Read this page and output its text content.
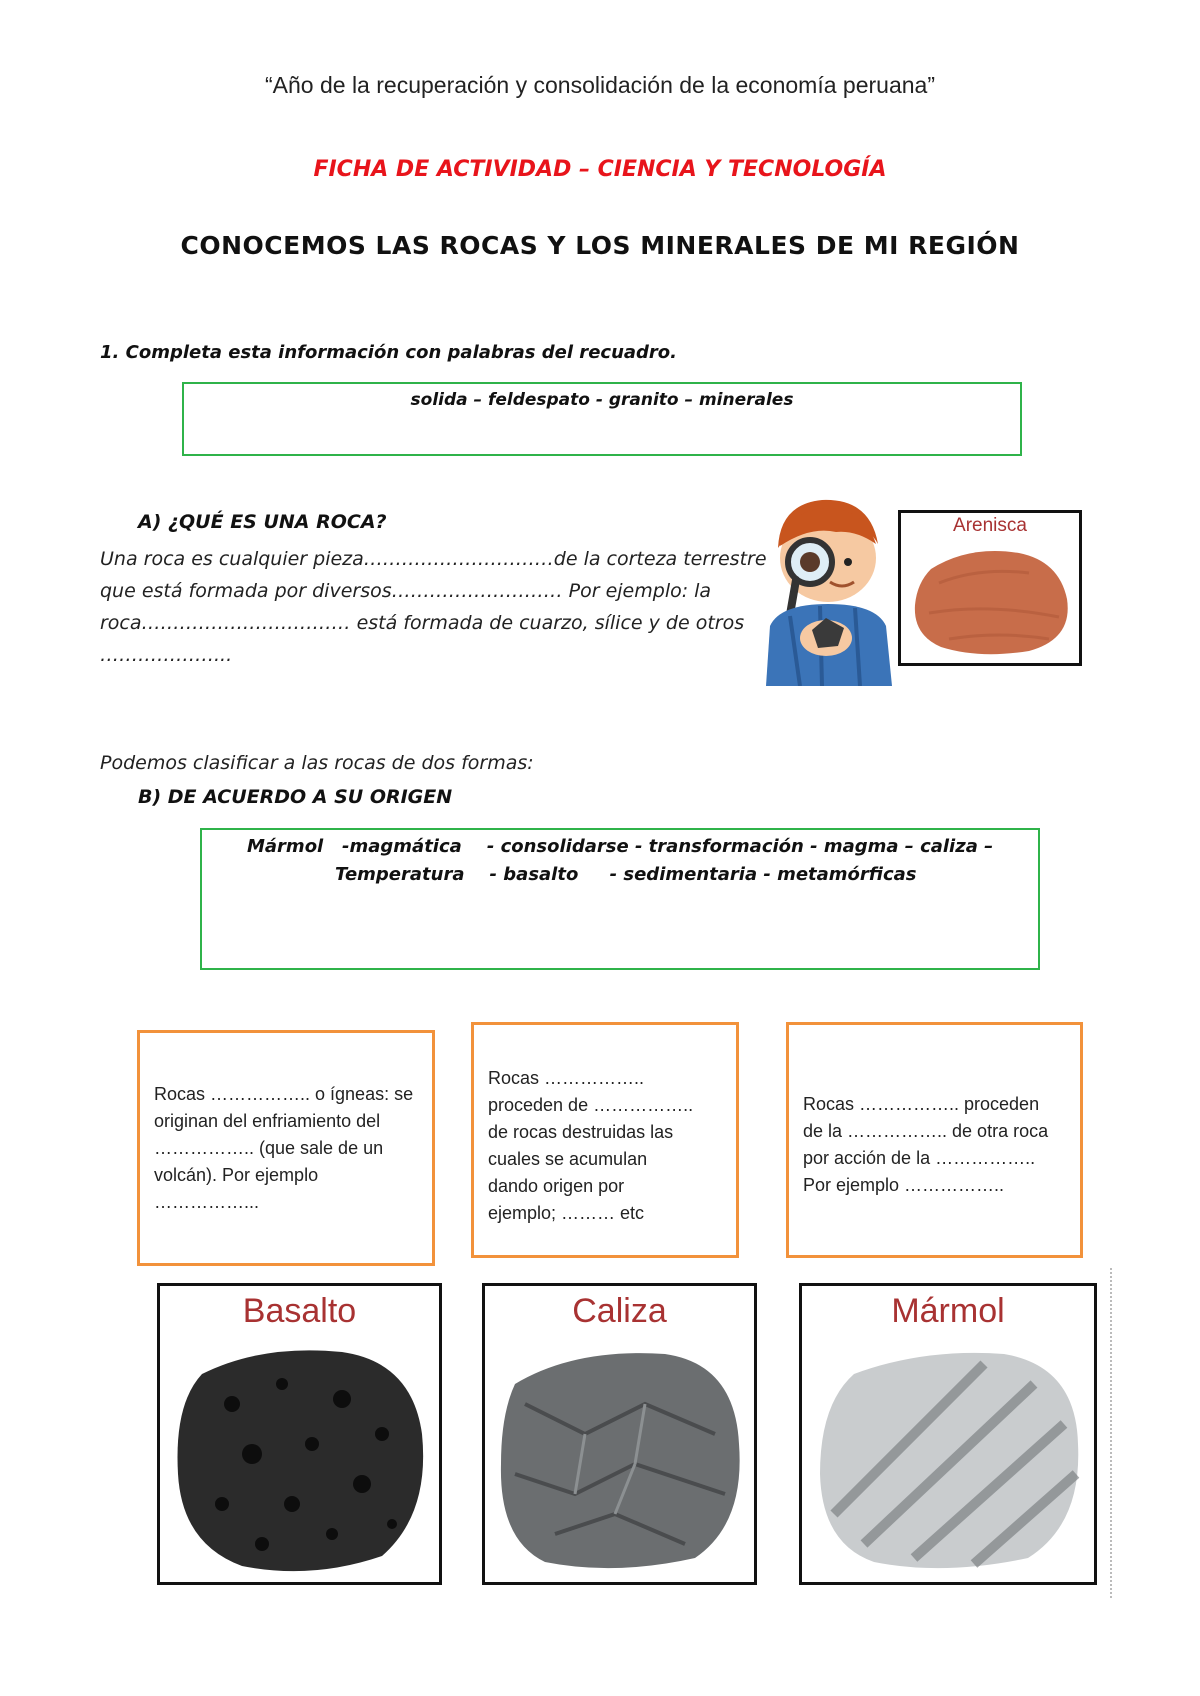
“Año de la recuperación y consolidación de la economía peruana”
FICHA DE ACTIVIDAD – CIENCIA Y TECNOLOGÍA
CONOCEMOS LAS ROCAS Y LOS MINERALES DE MI REGIÓN
1. Completa esta información con palabras del recuadro.
solida – feldespato - granito – minerales
A) ¿QUÉ ES UNA ROCA?
Una roca es cualquier pieza…………………………de la corteza terrestre
que está formada por diversos……………………… Por ejemplo: la
roca…………………………… está formada de cuarzo, sílice y de otros
………………...
Arenisca
Podemos clasificar a las rocas de dos formas:
B) DE ACUERDO A SU ORIGEN
Mármol   -magmática    - consolidarse - transformación - magma – caliza –
Temperatura    - basalto     - sedimentaria - metamórficas
Rocas …………….. o ígneas: se
originan del enfriamiento del
…………….. (que sale de un
volcán). Por ejemplo
……………...
Rocas ……………..
proceden de ……………..
de rocas destruidas las
cuales se acumulan
dando origen por
ejemplo; ……… etc
Rocas …………….. proceden
de la …………….. de otra roca
por acción de la ……………..
Por ejemplo ……………..
Basalto	Caliza	Mármol
